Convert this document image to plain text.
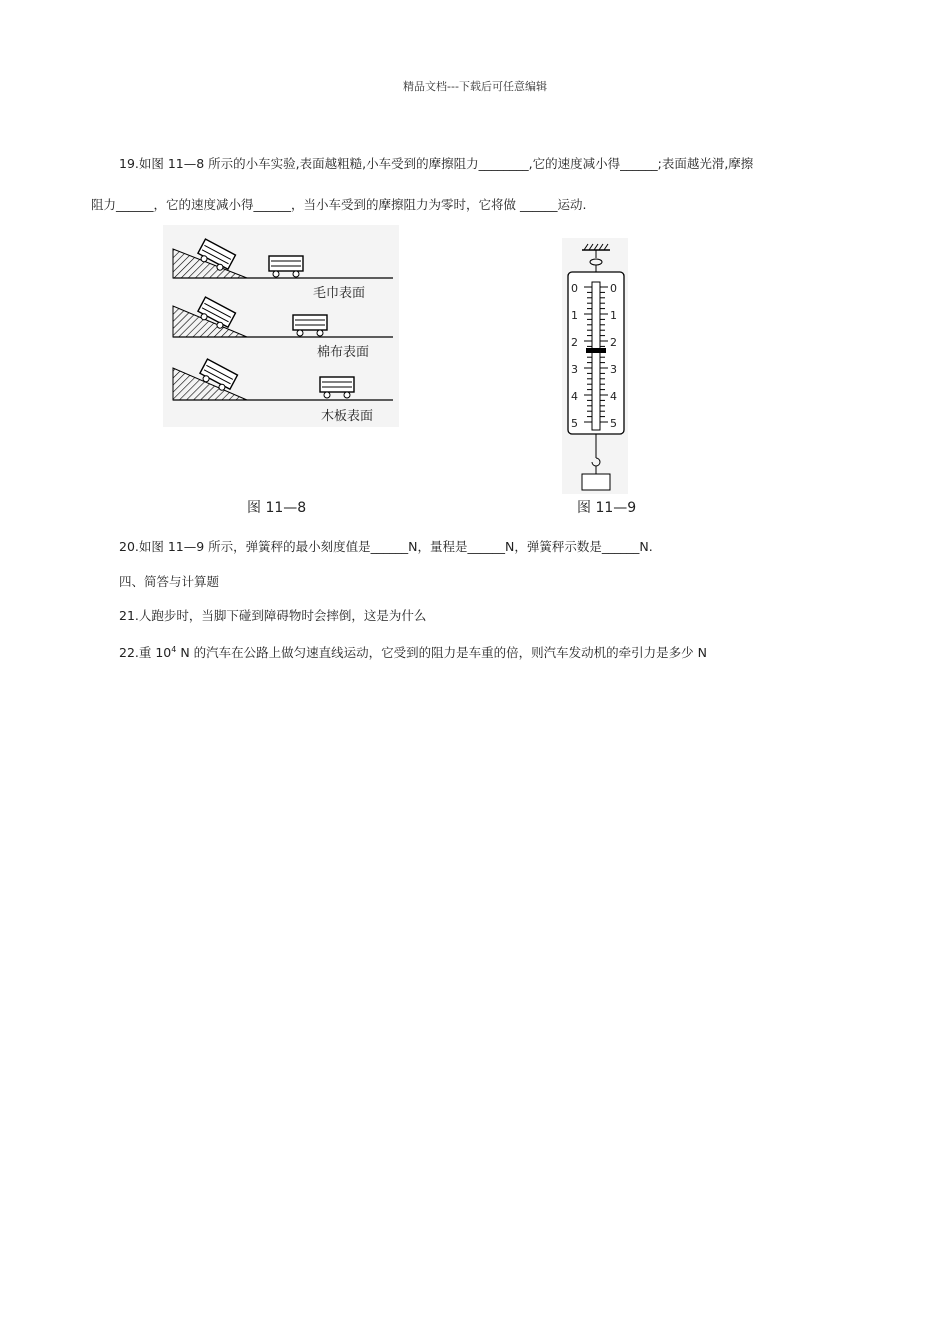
精品文档---下载后可任意编辑
19.如图 11—8 所示的小车实验,表面越粗糙,小车受到的摩擦阻力________,它的速度减小得______;表面越光滑,摩擦
阻力______，它的速度减小得______，当小车受到的摩擦阻力为零时，它将做 ______运动.
毛巾表面
棉布表面
木板表面
图 11—8
0
1
2
3
4
5
0
1
2
3
4
5
图 11—9
20.如图 11—9 所示，弹簧秤的最小刻度值是______N，量程是______N，弹簧秤示数是______N.
四、简答与计算题
21.人跑步时，当脚下碰到障碍物时会摔倒，这是为什么
22.重 $10^4$ N 的汽车在公路上做匀速直线运动，它受到的阻力是车重的倍，则汽车发动机的牵引力是多少 N
